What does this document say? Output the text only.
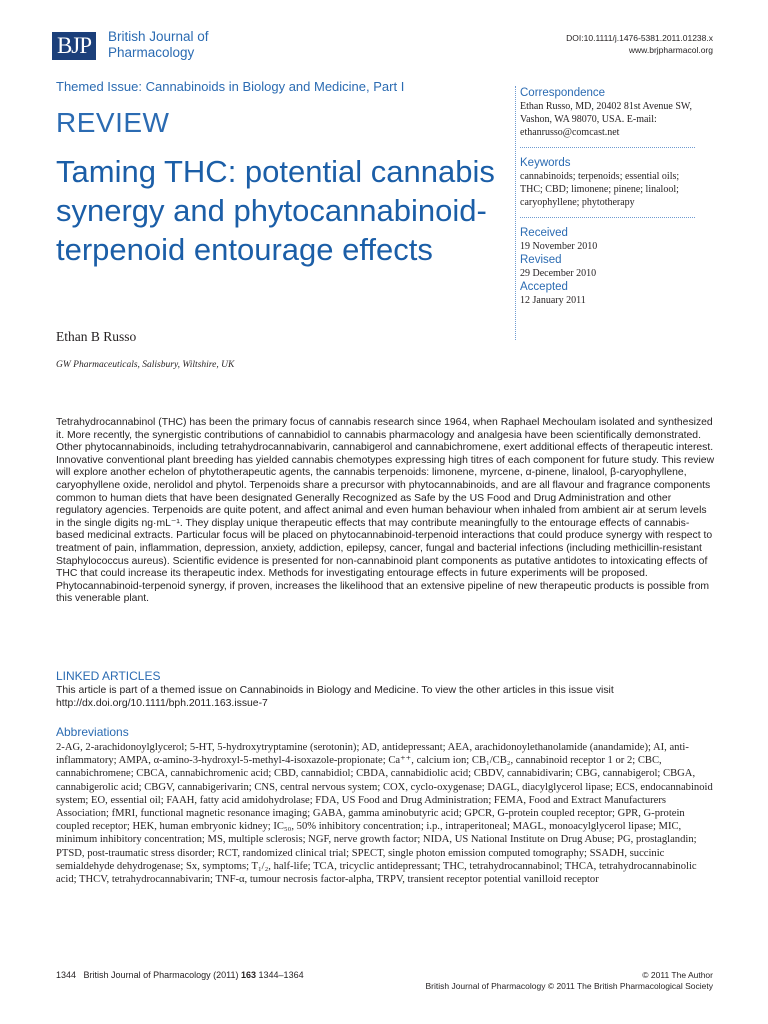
BJP	British Journal of
Pharmacology
DOI:10.1111/j.1476-5381.2011.01238.x
www.brjpharmacol.org
Themed Issue: Cannabinoids in Biology and Medicine, Part I
REVIEW
Taming THC: potential cannabis synergy and phytocannabinoid-terpenoid entourage effects
Ethan B Russo
GW Pharmaceuticals, Salisbury, Wiltshire, UK
Correspondence
Ethan Russo, MD, 20402 81st Avenue SW, Vashon, WA 98070, USA. E-mail: ethanrusso@comcast.net
Keywords
cannabinoids; terpenoids; essential oils; THC; CBD; limonene; pinene; linalool; caryophyllene; phytotherapy
Received
19 November 2010
Revised
29 December 2010
Accepted
12 January 2011
Tetrahydrocannabinol (THC) has been the primary focus of cannabis research since 1964, when Raphael Mechoulam isolated and synthesized it. More recently, the synergistic contributions of cannabidiol to cannabis pharmacology and analgesia have been scientifically demonstrated. Other phytocannabinoids, including tetrahydrocannabivarin, cannabigerol and cannabichromene, exert additional effects of therapeutic interest. Innovative conventional plant breeding has yielded cannabis chemotypes expressing high titres of each component for future study. This review will explore another echelon of phytotherapeutic agents, the cannabis terpenoids: limonene, myrcene, α-pinene, linalool, β-caryophyllene, caryophyllene oxide, nerolidol and phytol. Terpenoids share a precursor with phytocannabinoids, and are all flavour and fragrance components common to human diets that have been designated Generally Recognized as Safe by the US Food and Drug Administration and other regulatory agencies. Terpenoids are quite potent, and affect animal and even human behaviour when inhaled from ambient air at serum levels in the single digits ng·mL⁻¹. They display unique therapeutic effects that may contribute meaningfully to the entourage effects of cannabis-based medicinal extracts. Particular focus will be placed on phytocannabinoid-terpenoid interactions that could produce synergy with respect to treatment of pain, inflammation, depression, anxiety, addiction, epilepsy, cancer, fungal and bacterial infections (including methicillin-resistant Staphylococcus aureus). Scientific evidence is presented for non-cannabinoid plant components as putative antidotes to intoxicating effects of THC that could increase its therapeutic index. Methods for investigating entourage effects in future experiments will be proposed. Phytocannabinoid-terpenoid synergy, if proven, increases the likelihood that an extensive pipeline of new therapeutic products is possible from this venerable plant.
LINKED ARTICLES
This article is part of a themed issue on Cannabinoids in Biology and Medicine. To view the other articles in this issue visit http://dx.doi.org/10.1111/bph.2011.163.issue-7
Abbreviations
2-AG, 2-arachidonoylglycerol; 5-HT, 5-hydroxytryptamine (serotonin); AD, antidepressant; AEA, arachidonoylethanolamide (anandamide); AI, anti-inflammatory; AMPA, α-amino-3-hydroxyl-5-methyl-4-isoxazole-propionate; Ca⁺⁺, calcium ion; CB₁/CB₂, cannabinoid receptor 1 or 2; CBC, cannabichromene; CBCA, cannabichromenic acid; CBD, cannabidiol; CBDA, cannabidiolic acid; CBDV, cannabidivarin; CBG, cannabigerol; CBGA, cannabigerolic acid; CBGV, cannabigerivarin; CNS, central nervous system; COX, cyclo-oxygenase; DAGL, diacylglycerol lipase; ECS, endocannabinoid system; EO, essential oil; FAAH, fatty acid amidohydrolase; FDA, US Food and Drug Administration; FEMA, Food and Extract Manufacturers Association; fMRI, functional magnetic resonance imaging; GABA, gamma aminobutyric acid; GPCR, G-protein coupled receptor; GPR, G-protein coupled receptor; HEK, human embryonic kidney; IC₅₀, 50% inhibitory concentration; i.p., intraperitoneal; MAGL, monoacylglycerol lipase; MIC, minimum inhibitory concentration; MS, multiple sclerosis; NGF, nerve growth factor; NIDA, US National Institute on Drug Abuse; PG, prostaglandin; PTSD, post-traumatic stress disorder; RCT, randomized clinical trial; SPECT, single photon emission computed tomography; SSADH, succinic semialdehyde dehydrogenase; Sx, symptoms; T₁/₂, half-life; TCA, tricyclic antidepressant; THC, tetrahydrocannabinol; THCA, tetrahydrocannabinolic acid; THCV, tetrahydrocannabivarin; TNF-α, tumour necrosis factor-alpha, TRPV, transient receptor potential vanilloid receptor
1344 British Journal of Pharmacology (2011) 163 1344–1364	© 2011 The Author
British Journal of Pharmacology © 2011 The British Pharmacological Society
